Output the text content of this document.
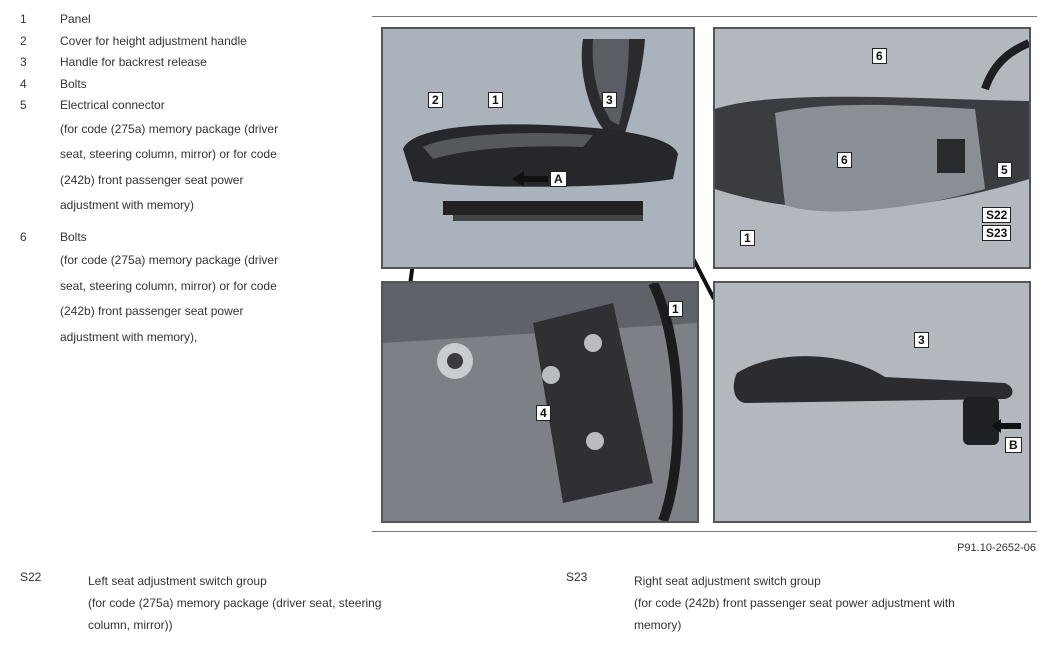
1	Panel
2	Cover for height adjustment handle
3	Handle for backrest release
4	Bolts
5	Electrical connector
(for code (275a) memory package (driver
seat, steering column, mirror) or for code
(242b) front passenger seat power
adjustment with memory)
6	Bolts
(for code (275a) memory package (driver
seat, steering column, mirror) or for code
(242b) front passenger seat power
adjustment with memory),
2	1	3
A
6
6
5
1
S22
S23
1
4
3
B
P91.10-2652-06
S22	Left seat adjustment switch group
(for code (275a) memory package (driver seat, steering
column, mirror))
S23	Right seat adjustment switch group
(for code (242b) front passenger seat power adjustment with
memory)
